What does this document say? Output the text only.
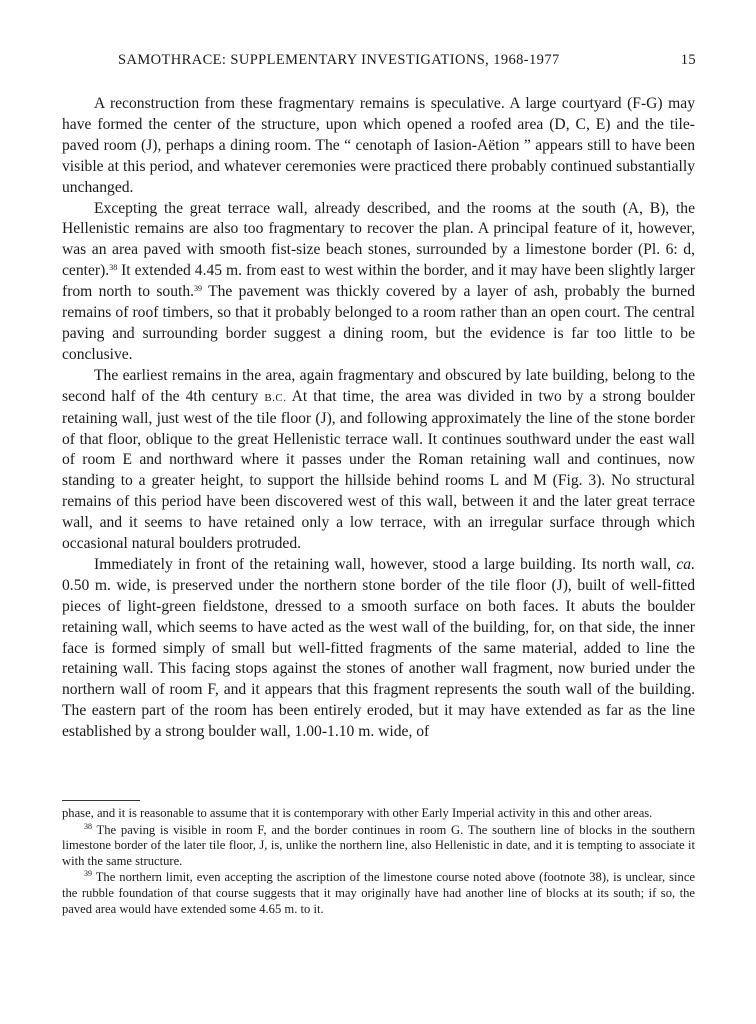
SAMOTHRACE: SUPPLEMENTARY INVESTIGATIONS, 1968-1977	15

A reconstruction from these fragmentary remains is speculative. A large courtyard (F-G) may have formed the center of the structure, upon which opened a roofed area (D, C, E) and the tile-paved room (J), perhaps a dining room. The “ cenotaph of Iasion-Aëtion ” appears still to have been visible at this period, and whatever ceremonies were practiced there probably continued substantially unchanged.

Excepting the great terrace wall, already described, and the rooms at the south (A, B), the Hellenistic remains are also too fragmentary to recover the plan. A principal feature of it, however, was an area paved with smooth fist-size beach stones, surrounded by a limestone border (Pl. 6: d, center).$^{38}$ It extended 4.45 m. from east to west within the border, and it may have been slightly larger from north to south.$^{39}$ The pavement was thickly covered by a layer of ash, probably the burned remains of roof timbers, so that it probably belonged to a room rather than an open court. The central paving and surrounding border suggest a dining room, but the evidence is far too little to be conclusive.

The earliest remains in the area, again fragmentary and obscured by late building, belong to the second half of the 4th century B.C. At that time, the area was divided in two by a strong boulder retaining wall, just west of the tile floor (J), and following approximately the line of the stone border of that floor, oblique to the great Hellenistic terrace wall. It continues southward under the east wall of room E and northward where it passes under the Roman retaining wall and continues, now standing to a greater height, to support the hillside behind rooms L and M (Fig. 3). No structural remains of this period have been discovered west of this wall, between it and the later great terrace wall, and it seems to have retained only a low terrace, with an irregular surface through which occasional natural boulders protruded.

Immediately in front of the retaining wall, however, stood a large building. Its north wall, ca. 0.50 m. wide, is preserved under the northern stone border of the tile floor (J), built of well-fitted pieces of light-green fieldstone, dressed to a smooth surface on both faces. It abuts the boulder retaining wall, which seems to have acted as the west wall of the building, for, on that side, the inner face is formed simply of small but well-fitted fragments of the same material, added to line the retaining wall. This facing stops against the stones of another wall fragment, now buried under the northern wall of room F, and it appears that this fragment represents the south wall of the building. The eastern part of the room has been entirely eroded, but it may have extended as far as the line established by a strong boulder wall, 1.00-1.10 m. wide, of

phase, and it is reasonable to assume that it is contemporary with other Early Imperial activity in this and other areas.

$^{38}$ The paving is visible in room F, and the border continues in room G. The southern line of blocks in the southern limestone border of the later tile floor, J, is, unlike the northern line, also Hellenistic in date, and it is tempting to associate it with the same structure.

$^{39}$ The northern limit, even accepting the ascription of the limestone course noted above (footnote 38), is unclear, since the rubble foundation of that course suggests that it may originally have had another line of blocks at its south; if so, the paved area would have extended some 4.65 m. to it.
